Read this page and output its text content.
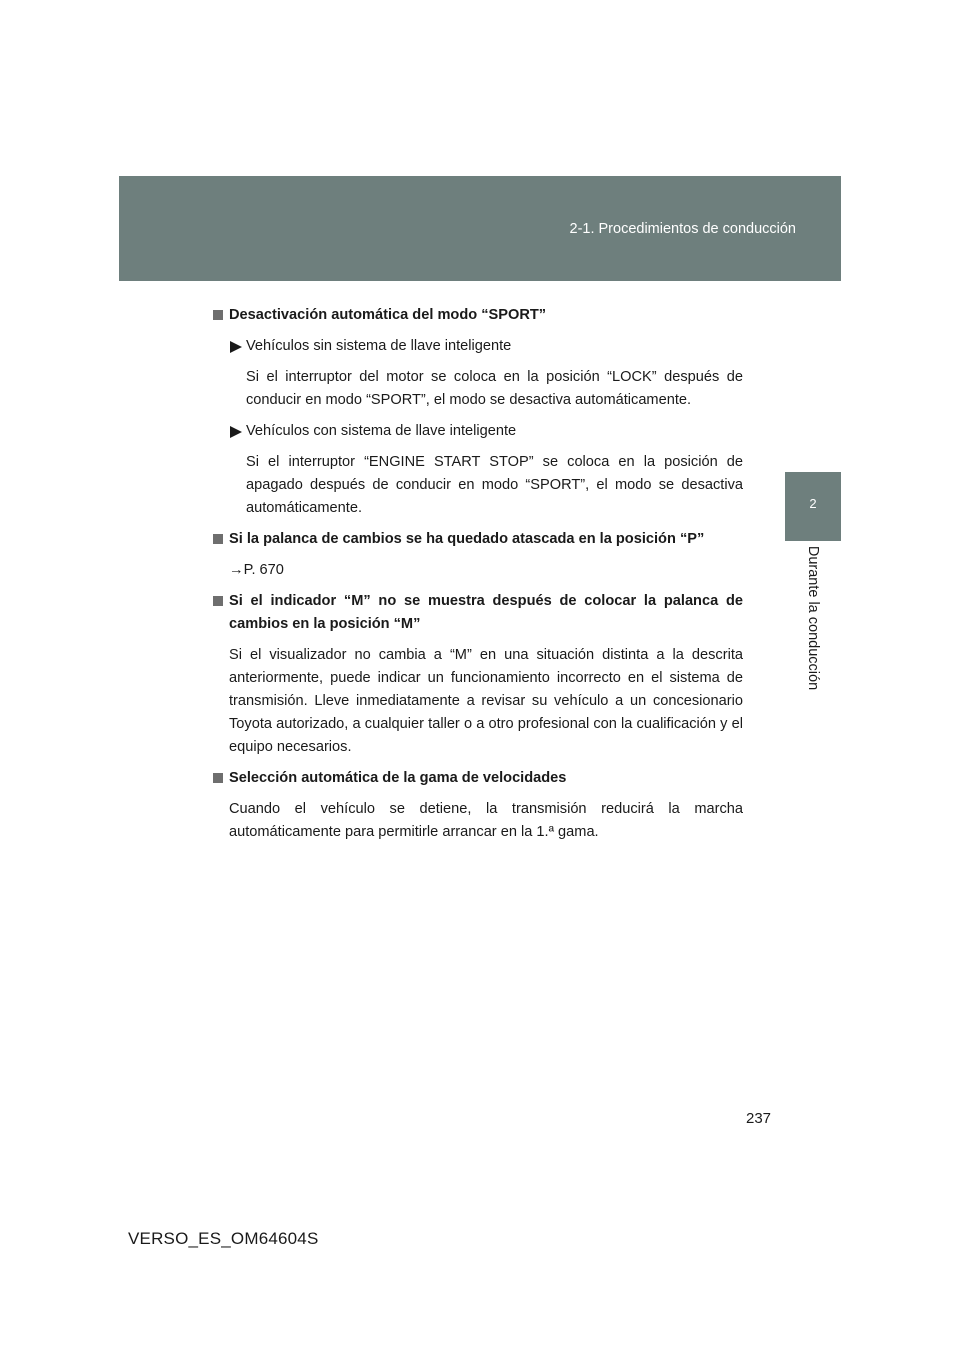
2-1. Procedimientos de conducción
2
Durante la conducción
Desactivación automática del modo “SPORT”
Vehículos sin sistema de llave inteligente

Si el interruptor del motor se coloca en la posición “LOCK” después de conducir en modo “SPORT”, el modo se desactiva automáticamente.

Vehículos con sistema de llave inteligente

Si el interruptor “ENGINE START STOP” se coloca en la posición de apagado después de conducir en modo “SPORT”, el modo se desactiva automáticamente.

Si la palanca de cambios se ha quedado atascada en la posición “P”

→P. 670

Si el indicador “M” no se muestra después de colocar la palanca de cambios en la posición “M”

Si el visualizador no cambia a “M” en una situación distinta a la descrita anteriormente, puede indicar un funcionamiento incorrecto en el sistema de transmisión. Lleve inmediatamente a revisar su vehículo a un concesionario Toyota autorizado, a cualquier taller o a otro profesional con la cualificación y el equipo necesarios.

Selección automática de la gama de velocidades

Cuando el vehículo se detiene, la transmisión reducirá la marcha automáticamente para permitirle arrancar en la 1.ª gama.

237
VERSO_ES_OM64604S
